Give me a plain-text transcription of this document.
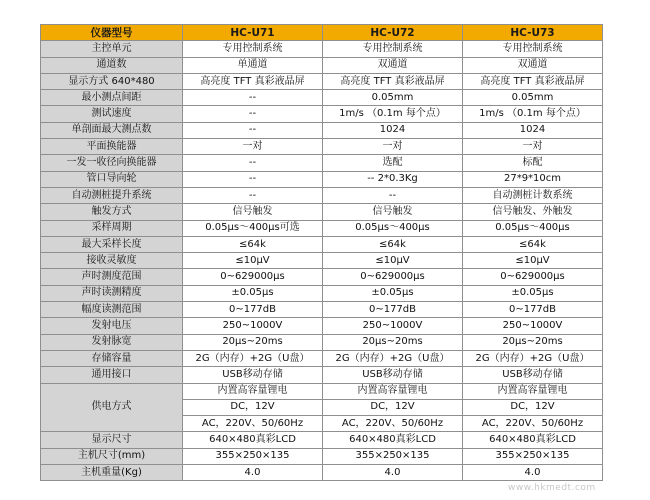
仪器型号	HC-U71	HC-U72	HC-U73
主控单元	专用控制系统	专用控制系统	专用控制系统
通道数	单通道	双通道	双通道
显示方式 640*480	高亮度 TFT 真彩液晶屏	高亮度 TFT 真彩液晶屏	高亮度 TFT 真彩液晶屏
最小测点间距	--	0.05mm	0.05mm
测试速度	--	1m/s （0.1m 每个点）	1m/s （0.1m 每个点）
单剖面最大测点数	--	1024	1024
平面换能器	一对	一对	一对
一发一收径向换能器	--	选配	标配
管口导向轮	--	-- 2*0.3Kg	27*9*10cm
自动测桩提升系统	--	--	自动测桩计数系统
触发方式	信号触发	信号触发	信号触发、外触发
采样周期	0.05μs～400μs可选	0.05μs～400μs	0.05μs～400μs
最大采样长度	≤64k	≤64k	≤64k
接收灵敏度	≤10μV	≤10μV	≤10μV
声时测度范围	0~629000μs	0~629000μs	0~629000μs
声时读测精度	±0.05μs	±0.05μs	±0.05μs
幅度读测范围	0~177dB	0~177dB	0~177dB
发射电压	250~1000V	250~1000V	250~1000V
发射脉宽	20μs~20ms	20μs~20ms	20μs~20ms
存储容量	2G（内存）+2G（U盘）	2G（内存）+2G（U盘）	2G（内存）+2G（U盘）
通用接口	USB移动存储	USB移动存储	USB移动存储
供电方式	内置高容量锂电	内置高容量锂电	内置高容量锂电
	DC，12V	DC，12V	DC，12V
	AC，220V、50/60Hz	AC，220V、50/60Hz	AC，220V、50/60Hz
显示尺寸	640×480真彩LCD	640×480真彩LCD	640×480真彩LCD
主机尺寸(mm)	355×250×135	355×250×135	355×250×135
主机重量(Kg)	4.0	4.0	4.0
www.hkmedt.com
